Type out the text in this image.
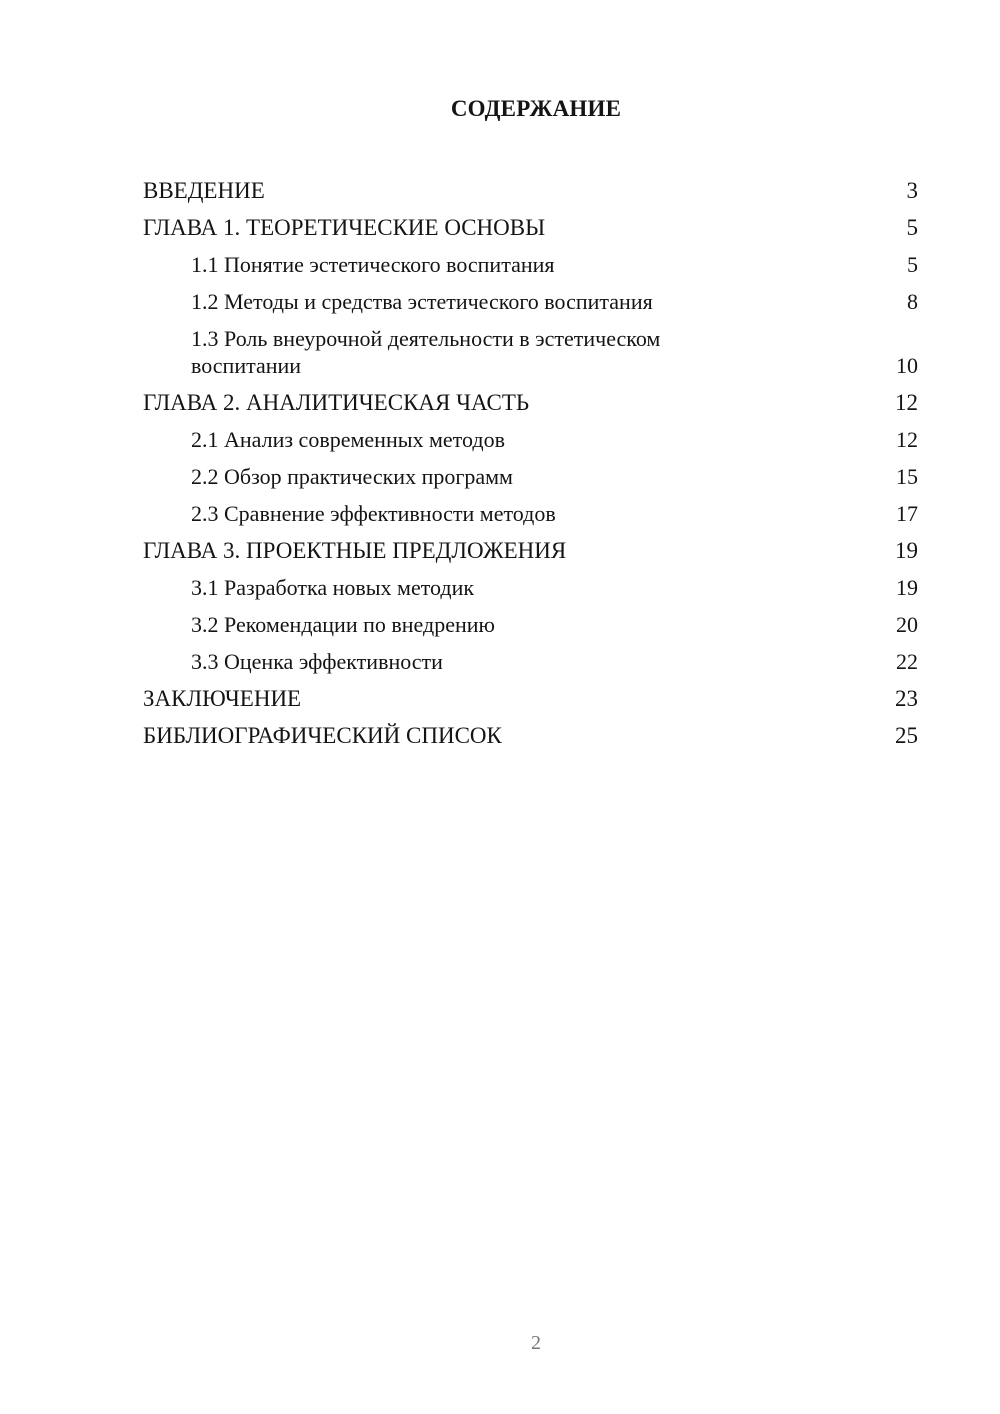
СОДЕРЖАНИЕ
ВВЕДЕНИЕ	3
ГЛАВА 1. ТЕОРЕТИЧЕСКИЕ ОСНОВЫ	5
1.1 Понятие эстетического воспитания	5
1.2 Методы и средства эстетического воспитания	8
1.3 Роль внеурочной деятельности в эстетическом воспитании	10
ГЛАВА 2. АНАЛИТИЧЕСКАЯ ЧАСТЬ	12
2.1 Анализ современных методов	12
2.2 Обзор практических программ	15
2.3 Сравнение эффективности методов	17
ГЛАВА 3. ПРОЕКТНЫЕ ПРЕДЛОЖЕНИЯ	19
3.1 Разработка новых методик	19
3.2 Рекомендации по внедрению	20
3.3 Оценка эффективности	22
ЗАКЛЮЧЕНИЕ	23
БИБЛИОГРАФИЧЕСКИЙ СПИСОК	25
2
